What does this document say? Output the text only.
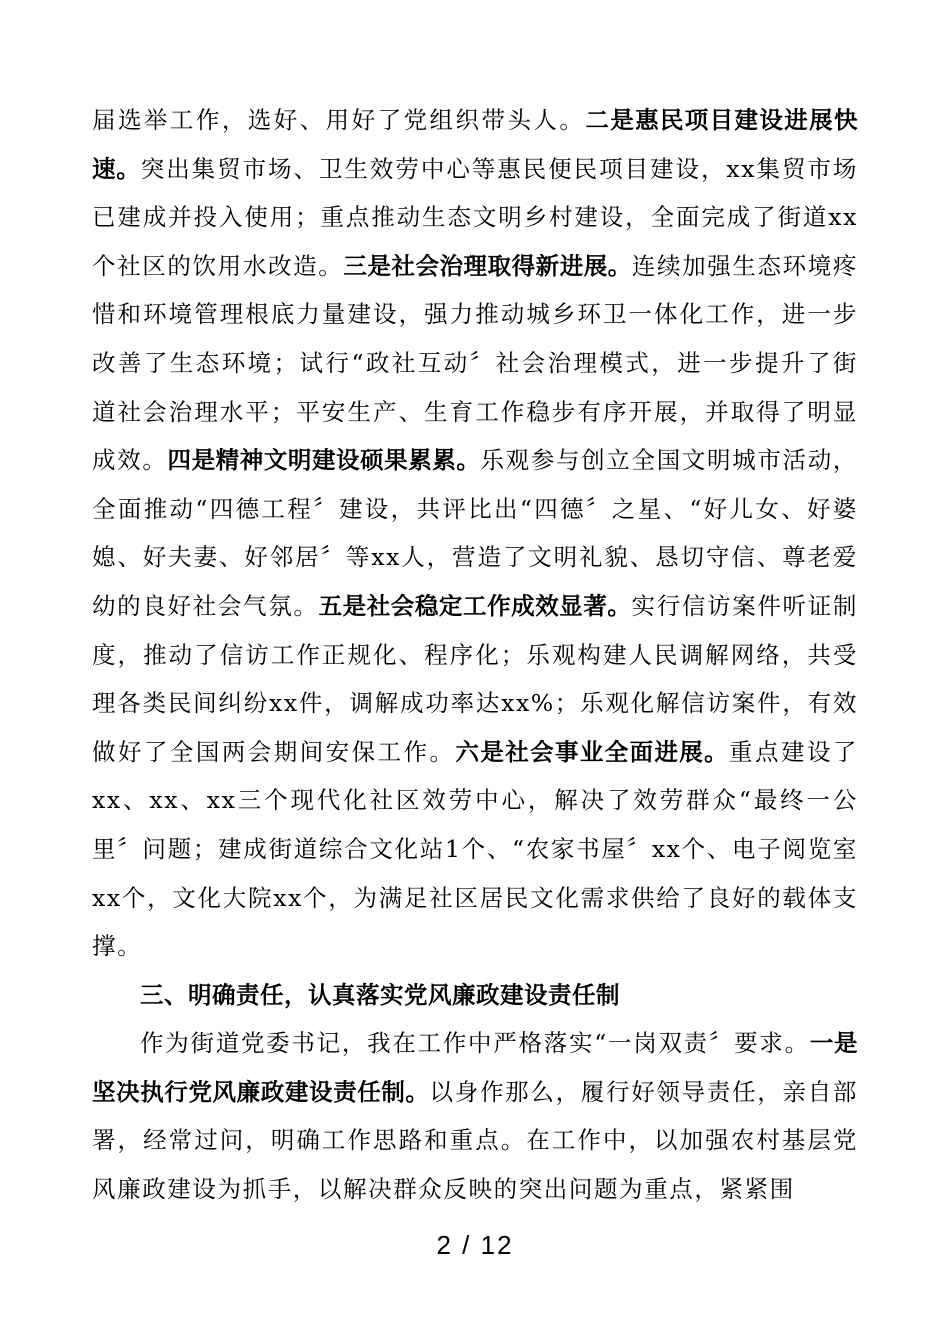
届选举工作，选好、用好了党组织带头人。二是惠民项目建设进展快速。突出集贸市场、卫生效劳中心等惠民便民项目建设，xx集贸市场已建成并投入使用；重点推动生态文明乡村建设，全面完成了街道xx个社区的饮用水改造。三是社会治理取得新进展。连续加强生态环境疼惜和环境管理根底力量建设，强力推动城乡环卫一体化工作，进一步改善了生态环境；试行“政社互动〞社会治理模式，进一步提升了街道社会治理水平；平安生产、生育工作稳步有序开展，并取得了明显成效。四是精神文明建设硕果累累。乐观参与创立全国文明城市活动，全面推动“四德工程〞建设，共评比出“四德〞之星、“好儿女、好婆媳、好夫妻、好邻居〞等xx人，营造了文明礼貌、恳切守信、尊老爱幼的良好社会气氛。五是社会稳定工作成效显著。实行信访案件听证制度，推动了信访工作正规化、程序化；乐观构建人民调解网络，共受理各类民间纠纷xx件，调解成功率达xx%；乐观化解信访案件，有效做好了全国两会期间安保工作。六是社会事业全面进展。重点建设了xx、xx、xx三个现代化社区效劳中心，解决了效劳群众“最终一公里〞问题；建成街道综合文化站1个、“农家书屋〞xx个、电子阅览室xx个，文化大院xx个，为满足社区居民文化需求供给了良好的载体支撑。

三、明确责任，认真落实党风廉政建设责任制

作为街道党委书记，我在工作中严格落实“一岗双责〞要求。一是坚决执行党风廉政建设责任制。以身作那么，履行好领导责任，亲自部署，经常过问，明确工作思路和重点。在工作中，以加强农村基层党风廉政建设为抓手，以解决群众反映的突出问题为重点，紧紧围

2 / 12
